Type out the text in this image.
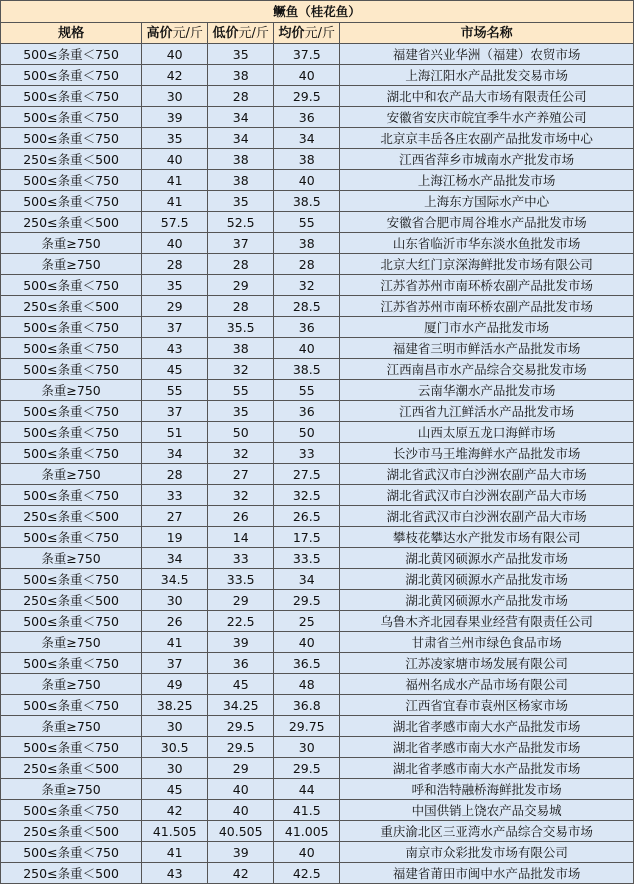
鳜鱼（桂花鱼）				
规格	高价元/斤	低价元/斤	均价元/斤	市场名称
500≤条重＜750	40	35	37.5	福建省兴业华洲（福建）农贸市场
500≤条重＜750	42	38	40	上海江阳水产品批发交易市场
500≤条重＜750	30	28	29.5	湖北中和农产品大市场有限责任公司
500≤条重＜750	39	34	36	安徽省安庆市皖宜季牛水产养殖公司
500≤条重＜750	35	34	34	北京京丰岳各庄农副产品批发市场中心
250≤条重＜500	40	38	38	江西省萍乡市城南水产批发市场
500≤条重＜750	41	38	40	上海江杨水产品批发市场
500≤条重＜750	41	35	38.5	上海东方国际水产中心
250≤条重＜500	57.5	52.5	55	安徽省合肥市周谷堆水产品批发市场
条重≥750	40	37	38	山东省临沂市华东淡水鱼批发市场
条重≥750	28	28	28	北京大红门京深海鲜批发市场有限公司
500≤条重＜750	35	29	32	江苏省苏州市南环桥农副产品批发市场
250≤条重＜500	29	28	28.5	江苏省苏州市南环桥农副产品批发市场
500≤条重＜750	37	35.5	36	厦门市水产品批发市场
500≤条重＜750	43	38	40	福建省三明市鲜活水产品批发市场
500≤条重＜750	45	32	38.5	江西南昌市水产品综合交易批发市场
条重≥750	55	55	55	云南华潮水产品批发市场
500≤条重＜750	37	35	36	江西省九江鲜活水产品批发市场
500≤条重＜750	51	50	50	山西太原五龙口海鲜市场
500≤条重＜750	34	32	33	长沙市马王堆海鲜水产品批发市场
条重≥750	28	27	27.5	湖北省武汉市白沙洲农副产品大市场
500≤条重＜750	33	32	32.5	湖北省武汉市白沙洲农副产品大市场
250≤条重＜500	27	26	26.5	湖北省武汉市白沙洲农副产品大市场
500≤条重＜750	19	14	17.5	攀枝花攀达水产批发市场有限公司
条重≥750	34	33	33.5	湖北黄冈硕源水产品批发市场
500≤条重＜750	34.5	33.5	34	湖北黄冈硕源水产品批发市场
250≤条重＜500	30	29	29.5	湖北黄冈硕源水产品批发市场
500≤条重＜750	26	22.5	25	乌鲁木齐北园春果业经营有限责任公司
条重≥750	41	39	40	甘肃省兰州市绿色食品市场
500≤条重＜750	37	36	36.5	江苏凌家塘市场发展有限公司
条重≥750	49	45	48	福州名成水产品市场有限公司
500≤条重＜750	38.25	34.25	36.8	江西省宜春市袁州区杨家市场
条重≥750	30	29.5	29.75	湖北省孝感市南大水产品批发市场
500≤条重＜750	30.5	29.5	30	湖北省孝感市南大水产品批发市场
250≤条重＜500	30	29	29.5	湖北省孝感市南大水产品批发市场
条重≥750	45	40	44	呼和浩特融桥海鲜批发市场
500≤条重＜750	42	40	41.5	中国供销上饶农产品交易城
250≤条重＜500	41.505	40.505	41.005	重庆渝北区三亚湾水产品综合交易市场
500≤条重＜750	41	39	40	南京市众彩批发市场有限公司
250≤条重＜500	43	42	42.5	福建省莆田市闽中水产品批发市场
